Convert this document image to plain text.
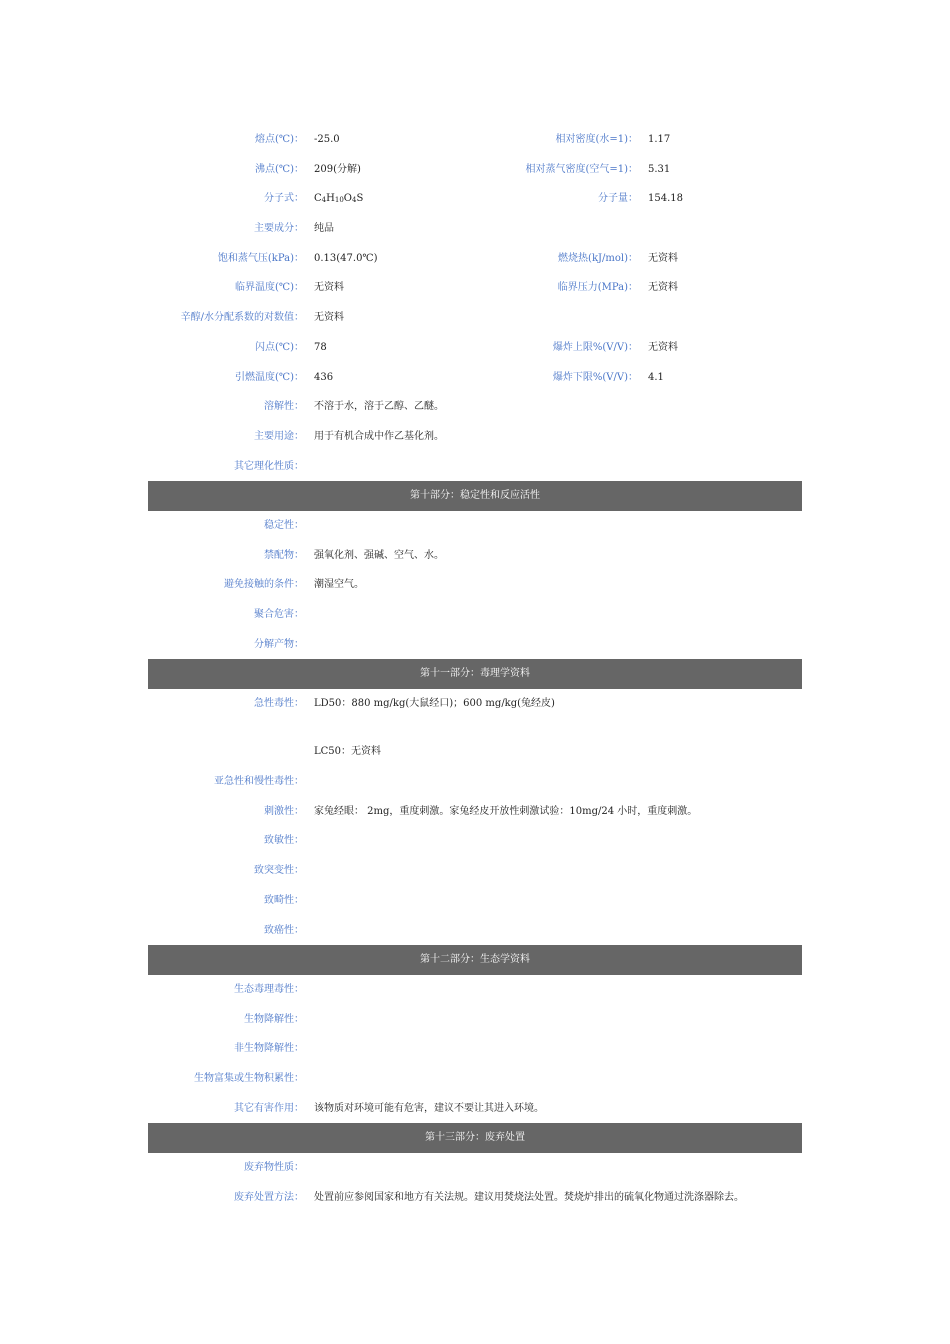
熔点(℃)： -25.0	相对密度(水=1)： 1.17
沸点(℃)： 209(分解)	相对蒸气密度(空气=1)： 5.31
分子式： $C_4H_{10}O_4S$	分子量： 154.18
主要成分： 纯品
饱和蒸气压(kPa)： 0.13(47.0℃)	燃烧热(kJ/mol)： 无资料
临界温度(℃)： 无资料	临界压力(MPa)： 无资料
辛醇/水分配系数的对数值： 无资料
闪点(℃)： 78	爆炸上限%(V/V)： 无资料
引燃温度(℃)： 436	爆炸下限%(V/V)： 4.1
溶解性： 不溶于水，溶于乙醇、乙醚。
主要用途： 用于有机合成中作乙基化剂。
其它理化性质：
第十部分：稳定性和反应活性
稳定性：
禁配物： 强氧化剂、强碱、空气、水。
避免接触的条件： 潮湿空气。
聚合危害：
分解产物：
第十一部分：毒理学资料
急性毒性： LD50：880 mg/kg(大鼠经口)；600 mg/kg(兔经皮)
LC50：无资料
亚急性和慢性毒性：
刺激性： 家兔经眼： 2mg，重度刺激。家兔经皮开放性刺激试验：10mg/24 小时，重度刺激。
致敏性：
致突变性：
致畸性：
致癌性：
第十二部分：生态学资料
生态毒理毒性：
生物降解性：
非生物降解性：
生物富集或生物积累性：
其它有害作用： 该物质对环境可能有危害，建议不要让其进入环境。
第十三部分：废弃处置
废弃物性质：
废弃处置方法： 处置前应参阅国家和地方有关法规。建议用焚烧法处置。焚烧炉排出的硫氧化物通过洗涤器除去。
